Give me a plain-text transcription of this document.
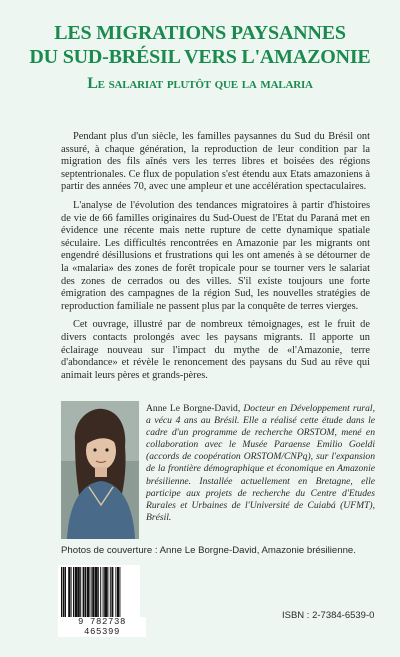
LES MIGRATIONS PAYSANNES
DU SUD-BRÉSIL VERS L'AMAZONIE
Le salariat plutôt que la malaria

Pendant plus d'un siècle, les familles paysannes du Sud du Brésil ont assuré, à chaque génération, la reproduction de leur condition par la migration des fils aînés vers les terres libres et boisées des régions septentrionales. Ce flux de population s'est étendu aux Etats amazoniens à partir des années 70, avec une ampleur et une accélération spectaculaires.

L'analyse de l'évolution des tendances migratoires à partir d'histoires de vie de 66 familles originaires du Sud-Ouest de l'Etat du Paraná met en évidence une récente mais nette rupture de cette dynamique spatiale séculaire. Les difficultés rencontrées en Amazonie par les migrants ont engendré désillusions et frustrations qui les ont amenés à se détourner de la «malaria» des zones de forêt tropicale pour se tourner vers le salariat des zones de cerrados ou des villes. S'il existe toujours une forte émigration des campagnes de la région Sud, les nouvelles stratégies de reproduction familiale ne passent plus par la conquête de terres vierges.

Cet ouvrage, illustré par de nombreux témoignages, est le fruit de divers contacts prolongés avec les paysans migrants. Il apporte un éclairage nouveau sur l'impact du mythe de «l'Amazonie, terre d'abondance» et révèle le renoncement des paysans du Sud au rêve qui animait leurs pères et grands-pères.

Anne Le Borgne-David, Docteur en Développement rural, a vécu 4 ans au Brésil. Elle a réalisé cette étude dans le cadre d'un programme de recherche ORSTOM, mené en collaboration avec le Musée Paraense Emilio Goeldi (accords de coopération ORSTOM/CNPq), sur l'expansion de la frontière démographique et économique en Amazonie brésilienne. Installée actuellement en Bretagne, elle participe aux projets de recherche du Centre d'Etudes Rurales et Urbaines de l'Université de Cuiabá (UFMT), Brésil.
Photos de couverture : Anne Le Borgne-David, Amazonie brésilienne.
9 782738 465399
ISBN : 2-7384-6539-0
